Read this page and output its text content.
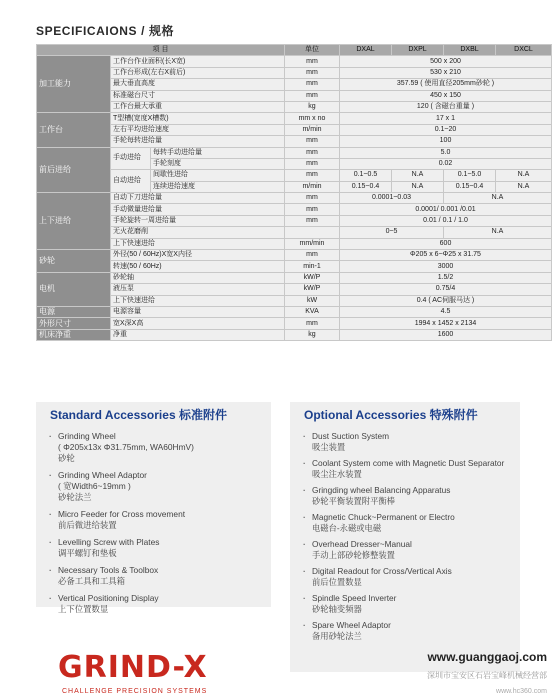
SPECIFICAIONS / 规格
项 目			单位	DXAL	DXPL	DXBL	DXCL
加工能力	工作台作业面积(长X宽)		mm	500 x 200			
	工作台形成(左右X前后)		mm	530 x 210			
	最大垂直高度		mm	357.59 ( 使用直径205mm砂轮 )			
	标准磁台尺寸		mm	450 x 150			
	工作台最大承重		kg	120 ( 含磁台重量 )			
工作台	T型槽(宽度X槽数)		mm x no	17 x 1			
	左右平均进给速度		m/min	0.1~20			
	手轮每转进给量		mm	100			
前后进给	手动进给	每转手动进给量	mm	5.0			
		手轮刻度	mm	0.02			
	自动进给	间歇性进给	mm	0.1~0.5	N.A	0.1~5.0	N.A
		连续进给速度	m/min	0.15~0.4	N.A	0.15~0.4	N.A
上下进给	自动下刀进给量		mm	0.0001~0.03		N.A	
	手动微量进给量		mm	0.0001/ 0.001 /0.01			
	手轮旋转一周进给量		mm	0.01 / 0.1 / 1.0			
	无火花磨削			0~5		N.A	
	上下快速进给		mm/min	600			
砂轮	外径(50 / 60Hz)X宽X内径		mm	Φ205 x 6~Φ25 x 31.75			
	转速(50 / 60Hz)		min-1	3000			
电机	砂轮轴		kW/P	1.5/2			
	液压泵		kW/P	0.75/4			
	上下快速进给		kW	0.4 ( AC伺服马达 )			
电源	电源容量		KVA	4.5			
外形尺寸	宽X深X高		mm	1994 x 1452 x 2134			
机床净重	净重		kg	1600			
Standard Accessories 标准附件
· Grinding Wheel
( Φ205x13x Φ31.75mm, WA60HmV)
砂轮
· Grinding Wheel Adaptor
( 宽Width6~19mm )
砂轮法兰
· Micro Feeder for Cross movement
前后微进给装置
· Levelling Screw with Plates
调平螺钉和垫板
· Necessary Tools & Toolbox
必备工具和工具箱
· Vertical Positioning Display
上下位置数显
Optional Accessories 特殊附件
· Dust Suction System
吸尘装置
· Coolant System come with Magnetic Dust Separator
吸尘注水装置
· Gringding wheel Balancing Apparatus
砂轮平衡装置附平衡棒
· Magnetic Chuck~Permanent or Electro
电磁台-永磁或电磁
· Overhead Dresser~Manual
手动上部砂轮修整装置
· Digital Readout for Cross/Vertical Axis
前后位置数显
· Spindle Speed Inverter
砂轮轴变频器
· Spare Wheel Adaptor
备用砂轮法兰
GRIND-X
CHALLENGE PRECISION SYSTEMS
www.guanggaoj.com
深圳市宝安区石岩宝峰机械经营部
www.hc360.com
